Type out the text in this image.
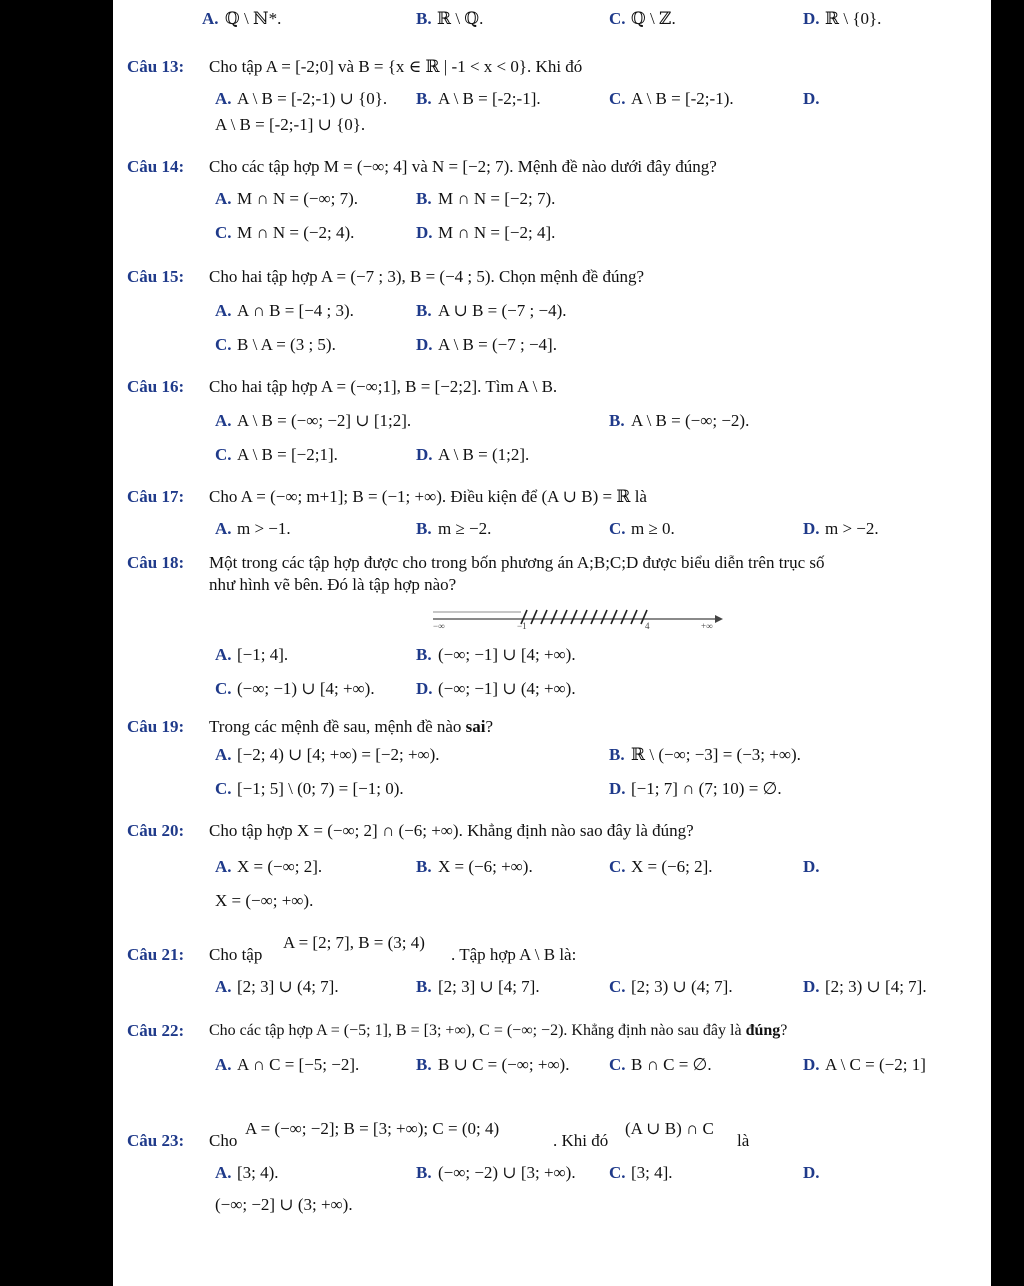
A. ℚ \ ℕ*.	B. ℝ \ ℚ.	C. ℚ \ ℤ.	D. ℝ \ {0}.
Câu 13: Cho tập A = [-2;0] và B = {x ∈ ℝ | -1 < x < 0}. Khi đó
A. A \ B = [-2;-1) ∪ {0}. B. A \ B = [-2;-1].	C. A \ B = [-2;-1).	D.
A \ B = [-2;-1] ∪ {0}.
Câu 14: Cho các tập hợp M = (−∞; 4] và N = [−2; 7). Mệnh đề nào dưới đây đúng?
A. M ∩ N = (−∞; 7).	B. M ∩ N = [−2; 7).
C. M ∩ N = (−2; 4).	D. M ∩ N = [−2; 4].
Câu 15: Cho hai tập hợp A = (−7 ; 3), B = (−4 ; 5). Chọn mệnh đề đúng?
A. A ∩ B = [−4 ; 3).	B. A ∪ B = (−7 ; −4).
C. B \ A = (3 ; 5).	D. A \ B = (−7 ; −4].
Câu 16: Cho hai tập hợp A = (−∞;1], B = [−2;2]. Tìm A \ B.
A. A \ B = (−∞; −2] ∪ [1;2].	B. A \ B = (−∞; −2).
C. A \ B = [−2;1].	D. A \ B = (1;2].
Câu 17: Cho A = (−∞; m+1]; B = (−1; +∞). Điều kiện để (A ∪ B) = ℝ là
A. m > −1.	B. m ≥ −2.	C. m ≥ 0.	D. m > −2.
Câu 18: Một trong các tập hợp được cho trong bốn phương án A;B;C;D được biểu diễn trên trục số
như hình vẽ bên. Đó là tập hợp nào?
−∞	−1	4	+∞
A. [−1; 4].	B. (−∞; −1] ∪ [4; +∞).
C. (−∞; −1) ∪ [4; +∞). D. (−∞; −1] ∪ (4; +∞).
Câu 19: Trong các mệnh đề sau, mệnh đề nào sai?
A. [−2; 4) ∪ [4; +∞) = [−2; +∞).	B. ℝ \ (−∞; −3] = (−3; +∞).
C. [−1; 5] \ (0; 7) = [−1; 0).	D. [−1; 7] ∩ (7; 10) = ∅.
Câu 20: Cho tập hợp X = (−∞; 2] ∩ (−6; +∞). Khẳng định nào sao đây là đúng?
A. X = (−∞; 2].	B. X = (−6; +∞).	C. X = (−6; 2].	D.
X = (−∞; +∞).
Câu 21: Cho tập
A = [2; 7], B = (3; 4)
. Tập hợp A \ B là:
A. [2; 3] ∪ (4; 7].	B. [2; 3] ∪ [4; 7].	C. [2; 3) ∪ (4; 7].	D. [2; 3) ∪ [4; 7].
Câu 22: Cho các tập hợp A = (−5; 1], B = [3; +∞), C = (−∞; −2). Khẳng định nào sau đây là đúng?
A. A ∩ C = [−5; −2].	B. B ∪ C = (−∞; +∞). C. B ∩ C = ∅.	D. A \ C = (−2; 1]
Câu 23: Cho
A = (−∞; −2]; B = [3; +∞); C = (0; 4)
. Khi đó
(A ∪ B) ∩ C
là
A. [3; 4).	B. (−∞; −2) ∪ [3; +∞). C. [3; 4].	D.
(−∞; −2] ∪ (3; +∞).
